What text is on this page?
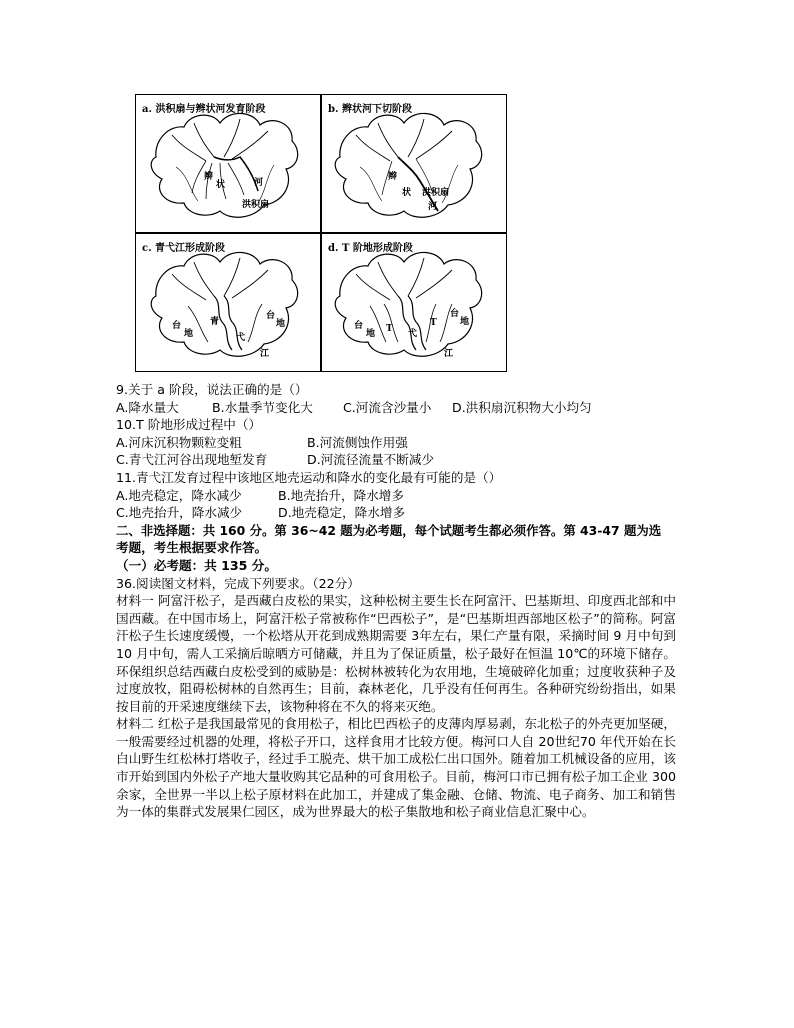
a. 洪积扇与辫状河发育阶段
辫
状	河
洪积扇
b. 辫状河下切阶段
辫
状 洪积扇
河
c. 青弋江形成阶段
台
地
台
地
青
弋
江
d. T 阶地形成阶段
台
地 T
T
弋
台
地
江
9.关于 a 阶段，说法正确的是（）
A.降水量大	B.水量季节变化大 C.河流含沙量小 D.洪积扇沉积物大小均匀
10.T 阶地形成过程中（）
A.河床沉积物颗粒变粗	B.河流侧蚀作用强
C.青弋江河谷出现地堑发育	D.河流径流量不断减少
11.青弋江发育过程中该地区地壳运动和降水的变化最有可能的是（）
A.地壳稳定，降水减少	B.地壳抬升，降水增多
C.地壳抬升，降水减少	D.地壳稳定，降水增多
二、非选择题：共 160 分。第 36~42 题为必考题，每个试题考生都必须作答。第 43-47 题为选
考题，考生根据要求作答。
（一）必考题：共 135 分。
36.阅读图文材料，完成下列要求。（22分）
材料一 阿富汗松子，是西藏白皮松的果实，这种松树主要生长在阿富汗、巴基斯坦、印度西北部和中国西藏。在中国市场上，阿富汗松子常被称作“巴西松子”，是“巴基斯坦西部地区松子”的简称。阿富汗松子生长速度缓慢，一个松塔从开花到成熟期需要 3年左右，果仁产量有限，采摘时间 9 月中旬到 10 月中旬，需人工采摘后晾晒方可储藏，并且为了保证质量，松子最好在恒温 10℃的环境下储存。环保组织总结西藏白皮松受到的威胁是：松树林被转化为农用地，生境破碎化加重；过度收获种子及过度放牧，阻碍松树林的自然再生；目前，森林老化，几乎没有任何再生。各种研究纷纷指出，如果按目前的开采速度继续下去，该物种将在不久的将来灭绝。
材料二 红松子是我国最常见的食用松子，相比巴西松子的皮薄肉厚易剥，东北松子的外壳更加坚硬，一般需要经过机器的处理，将松子开口，这样食用才比较方便。梅河口人自 20世纪70 年代开始在长白山野生红松林打塔收子，经过手工脱壳、烘干加工成松仁出口国外。随着加工机械设备的应用，该市开始到国内外松子产地大量收购其它品种的可食用松子。目前，梅河口市已拥有松子加工企业 300余家，全世界一半以上松子原材料在此加工，并建成了集金融、仓储、物流、电子商务、加工和销售为一体的集群式发展果仁园区，成为世界最大的松子集散地和松子商业信息汇聚中心。
